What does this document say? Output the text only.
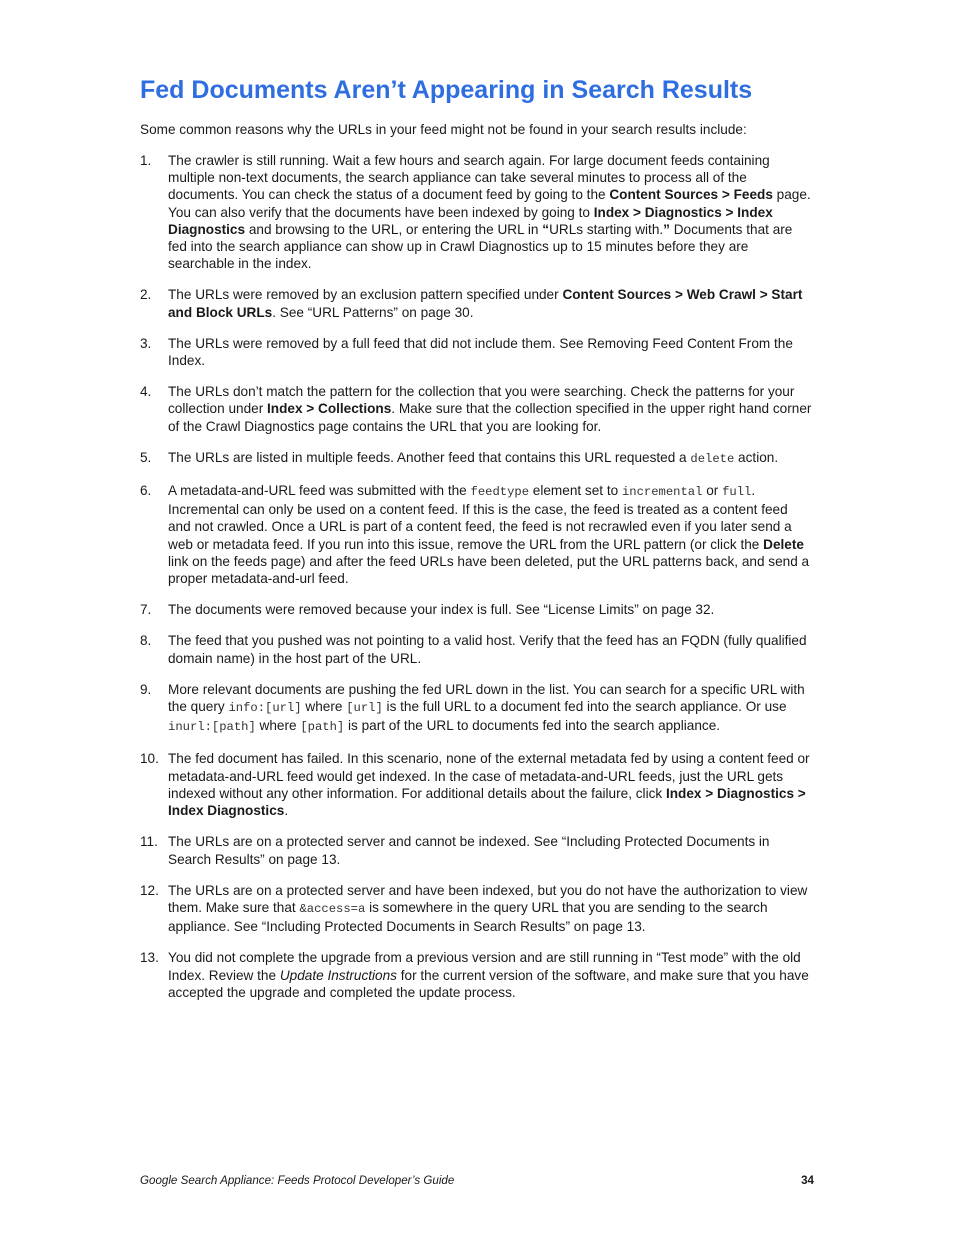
Fed Documents Aren’t Appearing in Search Results

Some common reasons why the URLs in your feed might not be found in your search results include:

1.	The crawler is still running. Wait a few hours and search again. For large document feeds containing multiple non-text documents, the search appliance can take several minutes to process all of the documents. You can check the status of a document feed by going to the Content Sources > Feeds page. You can also verify that the documents have been indexed by going to Index > Diagnostics > Index Diagnostics and browsing to the URL, or entering the URL in “URLs starting with.” Documents that are fed into the search appliance can show up in Crawl Diagnostics up to 15 minutes before they are searchable in the index.
2.	The URLs were removed by an exclusion pattern specified under Content Sources > Web Crawl > Start and Block URLs. See “URL Patterns” on page 30.
3.	The URLs were removed by a full feed that did not include them. See Removing Feed Content From the Index.
4.	The URLs don’t match the pattern for the collection that you were searching. Check the patterns for your collection under Index > Collections. Make sure that the collection specified in the upper right hand corner of the Crawl Diagnostics page contains the URL that you are looking for.
5.	The URLs are listed in multiple feeds. Another feed that contains this URL requested a delete action.
6.	A metadata-and-URL feed was submitted with the feedtype element set to incremental or full. Incremental can only be used on a content feed. If this is the case, the feed is treated as a content feed and not crawled. Once a URL is part of a content feed, the feed is not recrawled even if you later send a web or metadata feed. If you run into this issue, remove the URL from the URL pattern (or click the Delete link on the feeds page) and after the feed URLs have been deleted, put the URL patterns back, and send a proper metadata-and-url feed.
7.	The documents were removed because your index is full. See “License Limits” on page 32.
8.	The feed that you pushed was not pointing to a valid host. Verify that the feed has an FQDN (fully qualified domain name) in the host part of the URL.
9.	More relevant documents are pushing the fed URL down in the list. You can search for a specific URL with the query info:[url] where [url] is the full URL to a document fed into the search appliance. Or use inurl:[path] where [path] is part of the URL to documents fed into the search appliance.
10. The fed document has failed. In this scenario, none of the external metadata fed by using a content feed or metadata-and-URL feed would get indexed. In the case of metadata-and-URL feeds, just the URL gets indexed without any other information. For additional details about the failure, click Index > Diagnostics > Index Diagnostics.
11. The URLs are on a protected server and cannot be indexed. See “Including Protected Documents in Search Results” on page 13.
12. The URLs are on a protected server and have been indexed, but you do not have the authorization to view them. Make sure that &access=a is somewhere in the query URL that you are sending to the search appliance. See “Including Protected Documents in Search Results” on page 13.
13. You did not complete the upgrade from a previous version and are still running in “Test mode” with the old Index. Review the Update Instructions for the current version of the software, and make sure that you have accepted the upgrade and completed the update process.
Google Search Appliance: Feeds Protocol Developer’s Guide	34
